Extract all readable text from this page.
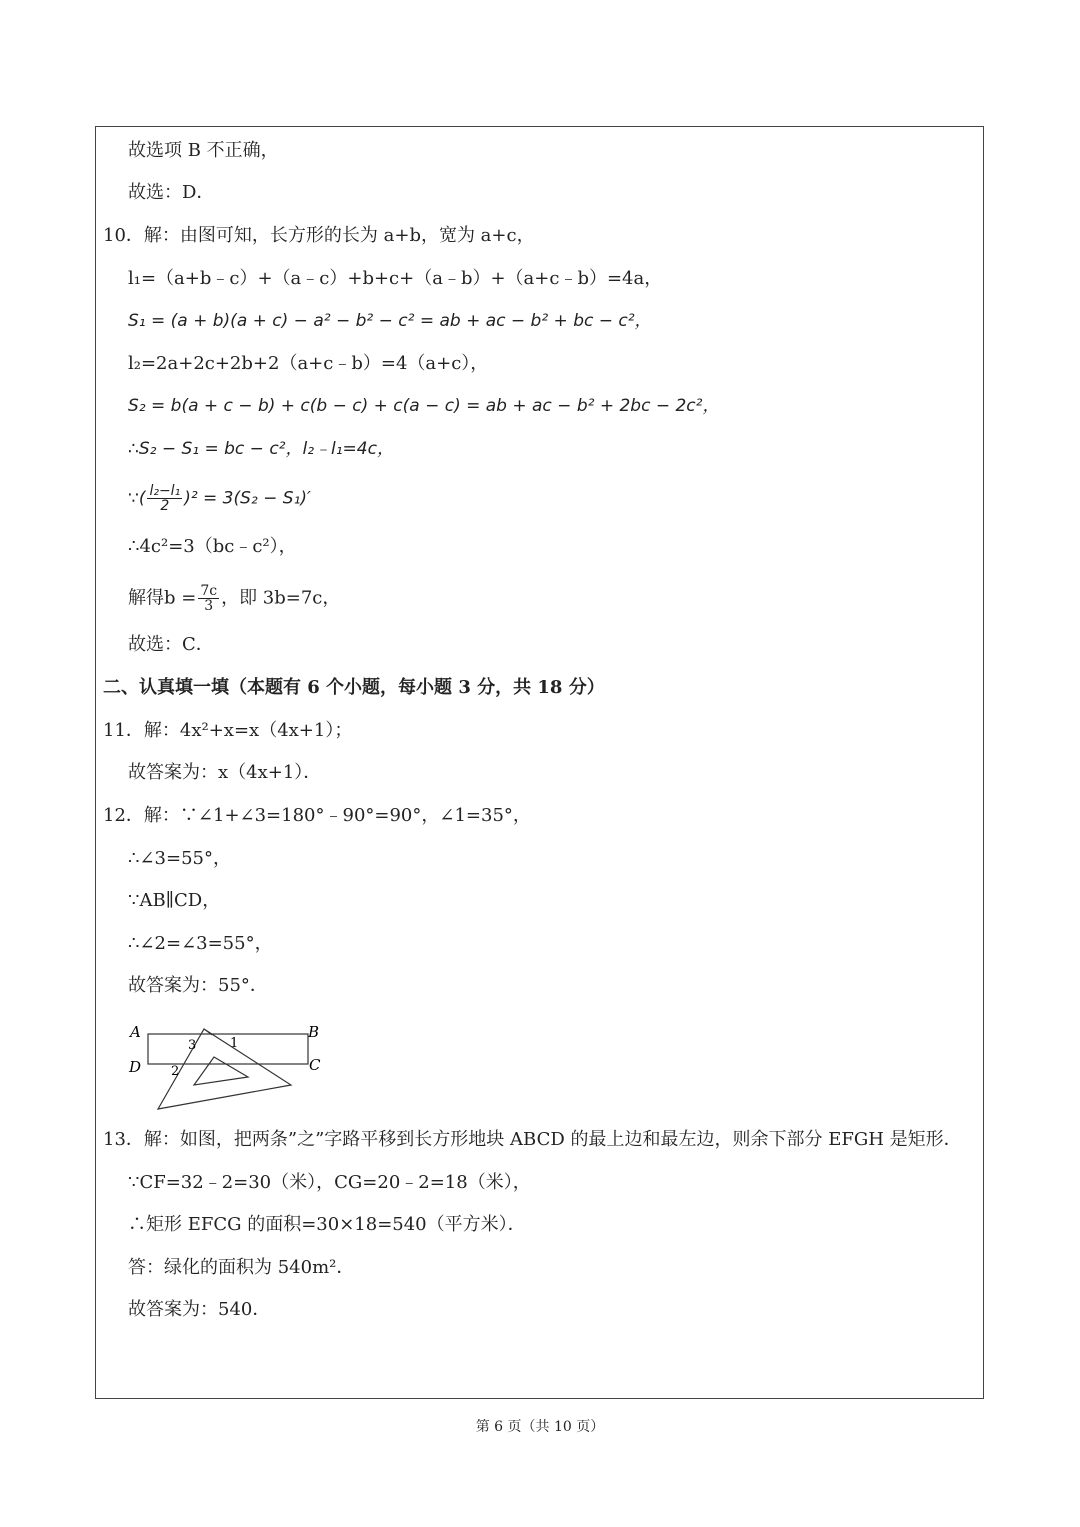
故选项 B 不正确，
故选：D．
10．解：由图可知，长方形的长为 a+b，宽为 a+c，
l₁=（a+b﹣c）+（a﹣c）+b+c+（a﹣b）+（a+c﹣b）=4a，
S₁ = (a + b)(a + c) − a² − b² − c² = ab + ac − b² + bc − c²，
l₂=2a+2c+2b+2（a+c﹣b）=4（a+c），
S₂ = b(a + c − b) + c(b − c) + c(a − c) = ab + ac − b² + 2bc − 2c²，
∴S₂ − S₁ = bc − c²，l₂﹣l₁=4c，
∵( $\frac{\text{l₂−l₁}}{2} )^2 = 3(S_2 - S_1)'$
∴4c²=3（bc﹣c²），
解得$b = \frac{7c}{3}$ ，即 3b=7c，
故选：C．
二、认真填一填（本题有 6 个小题，每小题 3 分，共 18 分）
11．解：4x²+x=x（4x+1）；
故答案为：x（4x+1）．
12．解：∵∠1+∠3=180°﹣90°=90°，∠1=35°，
∴∠3=55°，
∵AB∥CD，
∴∠2=∠3=55°，
故答案为：55°．
A	B
C
D
1
2
3
13．解：如图，把两条”之”字路平移到长方形地块 ABCD 的最上边和最左边，则余下部分 EFGH 是矩形．
∵CF=32﹣2=30（米），CG=20﹣2=18（米），
∴矩形 EFCG 的面积=30×18=540（平方米）．
答：绿化的面积为 540m²．
故答案为：540．
第 6 页（共 10 页）
